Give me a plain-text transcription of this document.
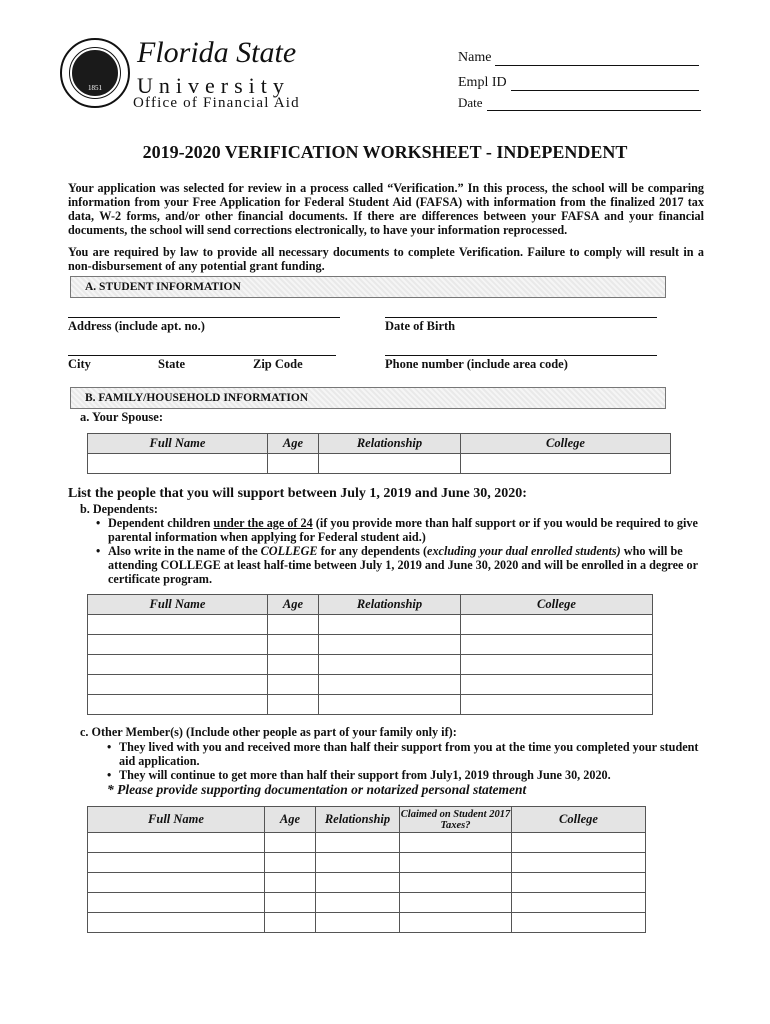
1851
Florida State
University
Office of Financial Aid
Name
Empl ID
Date
2019-2020 VERIFICATION WORKSHEET - INDEPENDENT
Your application was selected for review in a process called “Verification.” In this process, the school will be comparing information from your Free Application for Federal Student Aid (FAFSA) with information from the finalized 2017 tax data, W-2 forms, and/or other financial documents. If there are differences between your FAFSA and your financial documents, the school will send corrections electronically, to have your information reprocessed.
You are required by law to provide all necessary documents to complete Verification. Failure to comply will result in a non-disbursement of any potential grant funding.
A. STUDENT INFORMATION
Address (include apt. no.)	Date of Birth
City	State	Zip Code	Phone number (include area code)
B. FAMILY/HOUSEHOLD INFORMATION
a. Your Spouse:
Full Name	Age	Relationship	College

List the people that you will support between July 1, 2019 and June 30, 2020:
b. Dependents:
• Dependent children under the age of 24 (if you provide more than half support or if you would be required to give parental information when applying for Federal student aid.)
• Also write in the name of the COLLEGE for any dependents (excluding your dual enrolled students) who will be attending COLLEGE at least half-time between July 1, 2019 and June 30, 2020 and will be enrolled in a degree or certificate program.
Full Name	Age	Relationship	College

c. Other Member(s) (Include other people as part of your family only if):
• They lived with you and received more than half their support from you at the time you completed your student aid application.
• They will continue to get more than half their support from July1, 2019 through June 30, 2020.
* Please provide supporting documentation or notarized personal statement
Full Name	Age	Relationship	Claimed on Student 2017 Taxes?	College
